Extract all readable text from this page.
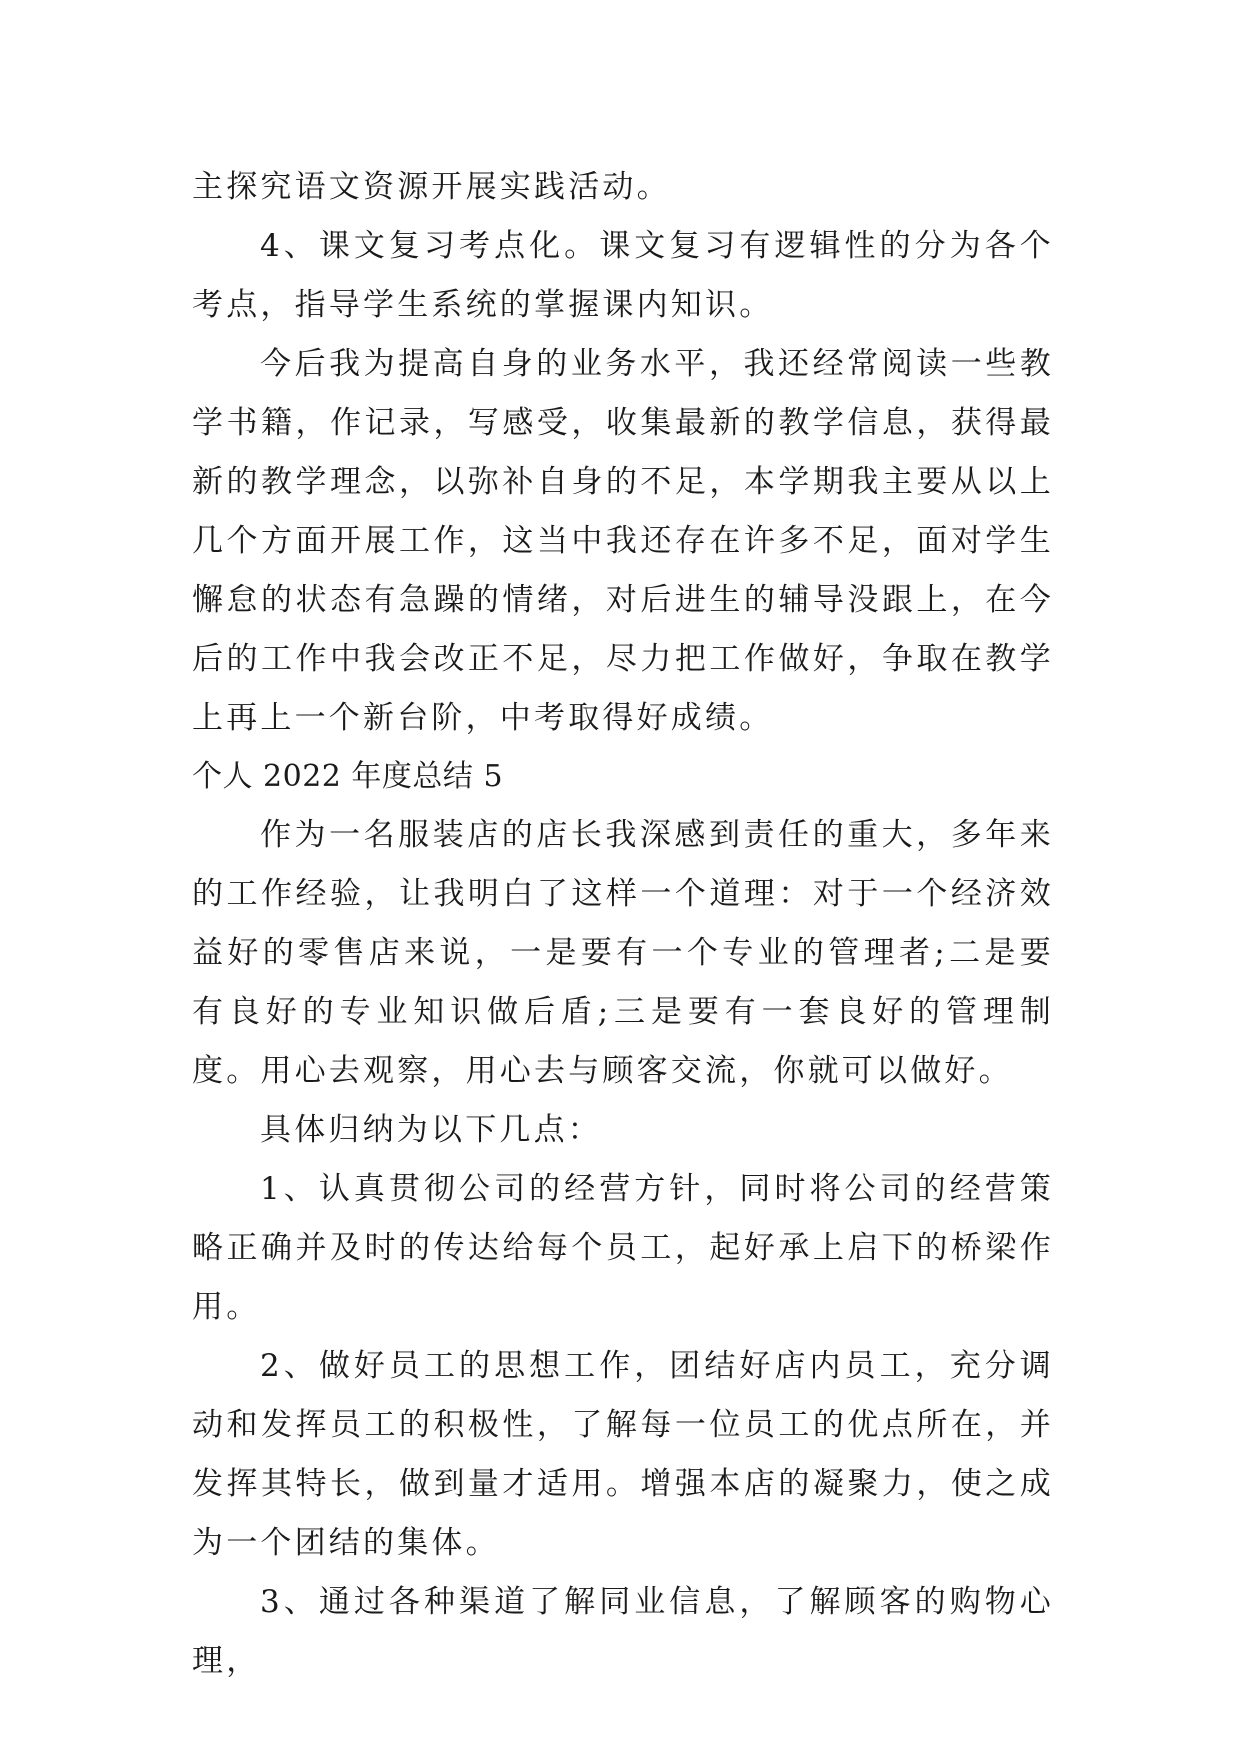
主探究语文资源开展实践活动。

4、课文复习考点化。课文复习有逻辑性的分为各个考点，指导学生系统的掌握课内知识。

今后我为提高自身的业务水平，我还经常阅读一些教学书籍，作记录，写感受，收集最新的教学信息，获得最新的教学理念，以弥补自身的不足，本学期我主要从以上几个方面开展工作，这当中我还存在许多不足，面对学生懈怠的状态有急躁的情绪，对后进生的辅导没跟上，在今后的工作中我会改正不足，尽力把工作做好，争取在教学上再上一个新台阶，中考取得好成绩。

个人 2022 年度总结 5

作为一名服装店的店长我深感到责任的重大，多年来的工作经验，让我明白了这样一个道理：对于一个经济效益好的零售店来说，一是要有一个专业的管理者;二是要有良好的专业知识做后盾;三是要有一套良好的管理制度。用心去观察，用心去与顾客交流，你就可以做好。

具体归纳为以下几点：

1、认真贯彻公司的经营方针，同时将公司的经营策略正确并及时的传达给每个员工，起好承上启下的桥梁作用。

2、做好员工的思想工作，团结好店内员工，充分调动和发挥员工的积极性，了解每一位员工的优点所在，并发挥其特长，做到量才适用。增强本店的凝聚力，使之成为一个团结的集体。

3、通过各种渠道了解同业信息，了解顾客的购物心理，
